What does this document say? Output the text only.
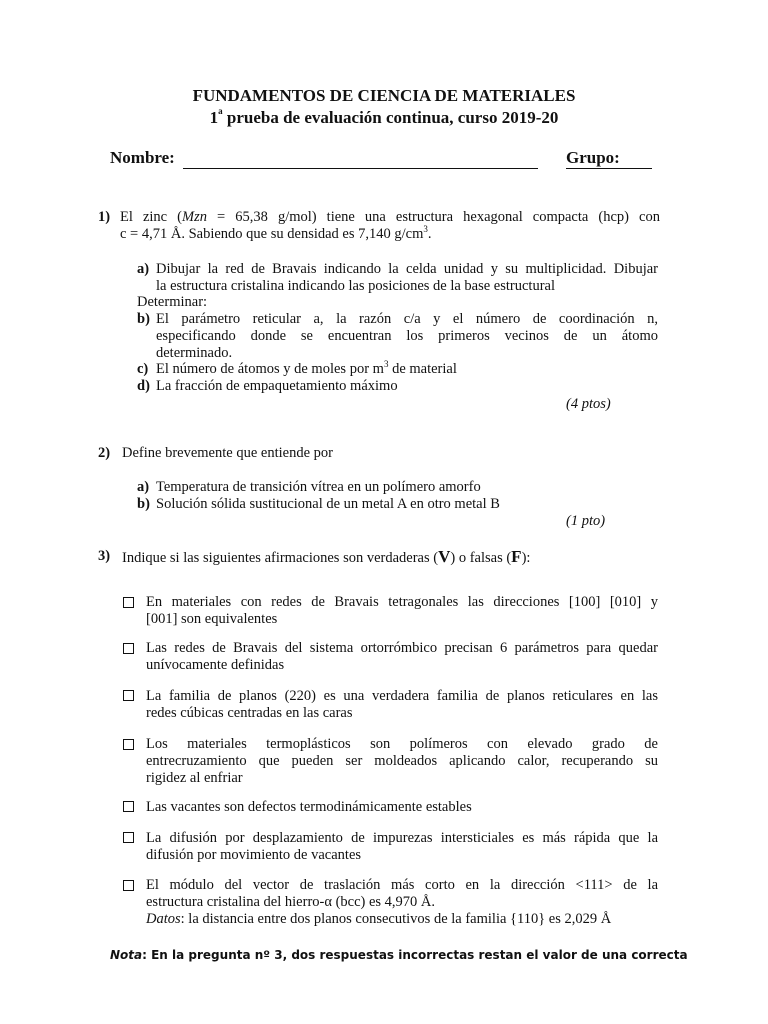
FUNDAMENTOS DE CIENCIA DE MATERIALES
1$^a$ prueba de evaluación continua, curso 2019-20
Nombre:	Grupo:
1) El zinc (Mzn = 65,38 g/mol) tiene una estructura hexagonal compacta (hcp) con
c = 4,71 Å. Sabiendo que su densidad es 7,140 $g/cm^3$.
a) Dibujar la red de Bravais indicando la celda unidad y su multiplicidad. Dibujar
la estructura cristalina indicando las posiciones de la base estructural
Determinar:
b) El parámetro reticular a, la razón c/a y el número de coordinación n,
especificando donde se encuentran los primeros vecinos de un átomo
determinado.
c) El número de átomos y de moles por $m^3$ de material
d) La fracción de empaquetamiento máximo
(4 ptos)
2) Define brevemente que entiende por
a) Temperatura de transición vítrea en un polímero amorfo
b) Solución sólida sustitucional de un metal A en otro metal B
(1 pto)
3) Indique si las siguientes afirmaciones son verdaderas (V) o falsas (F):
En materiales con redes de Bravais tetragonales las direcciones [100] [010] y
[001] son equivalentes
Las redes de Bravais del sistema ortorrómbico precisan 6 parámetros para quedar
unívocamente definidas
La familia de planos (220) es una verdadera familia de planos reticulares en las
redes cúbicas centradas en las caras
Los materiales termoplásticos son polímeros con elevado grado de
entrecruzamiento que pueden ser moldeados aplicando calor, recuperando su
rigidez al enfriar
Las vacantes son defectos termodinámicamente estables
La difusión por desplazamiento de impurezas intersticiales es más rápida que la
difusión por movimiento de vacantes
El módulo del vector de traslación más corto en la dirección <111> de la
estructura cristalina del hierro-α (bcc) es 4,970 Å.
Datos: la distancia entre dos planos consecutivos de la familia {110} es 2,029 Å
Nota: En la pregunta nº 3, dos respuestas incorrectas restan el valor de una correcta
